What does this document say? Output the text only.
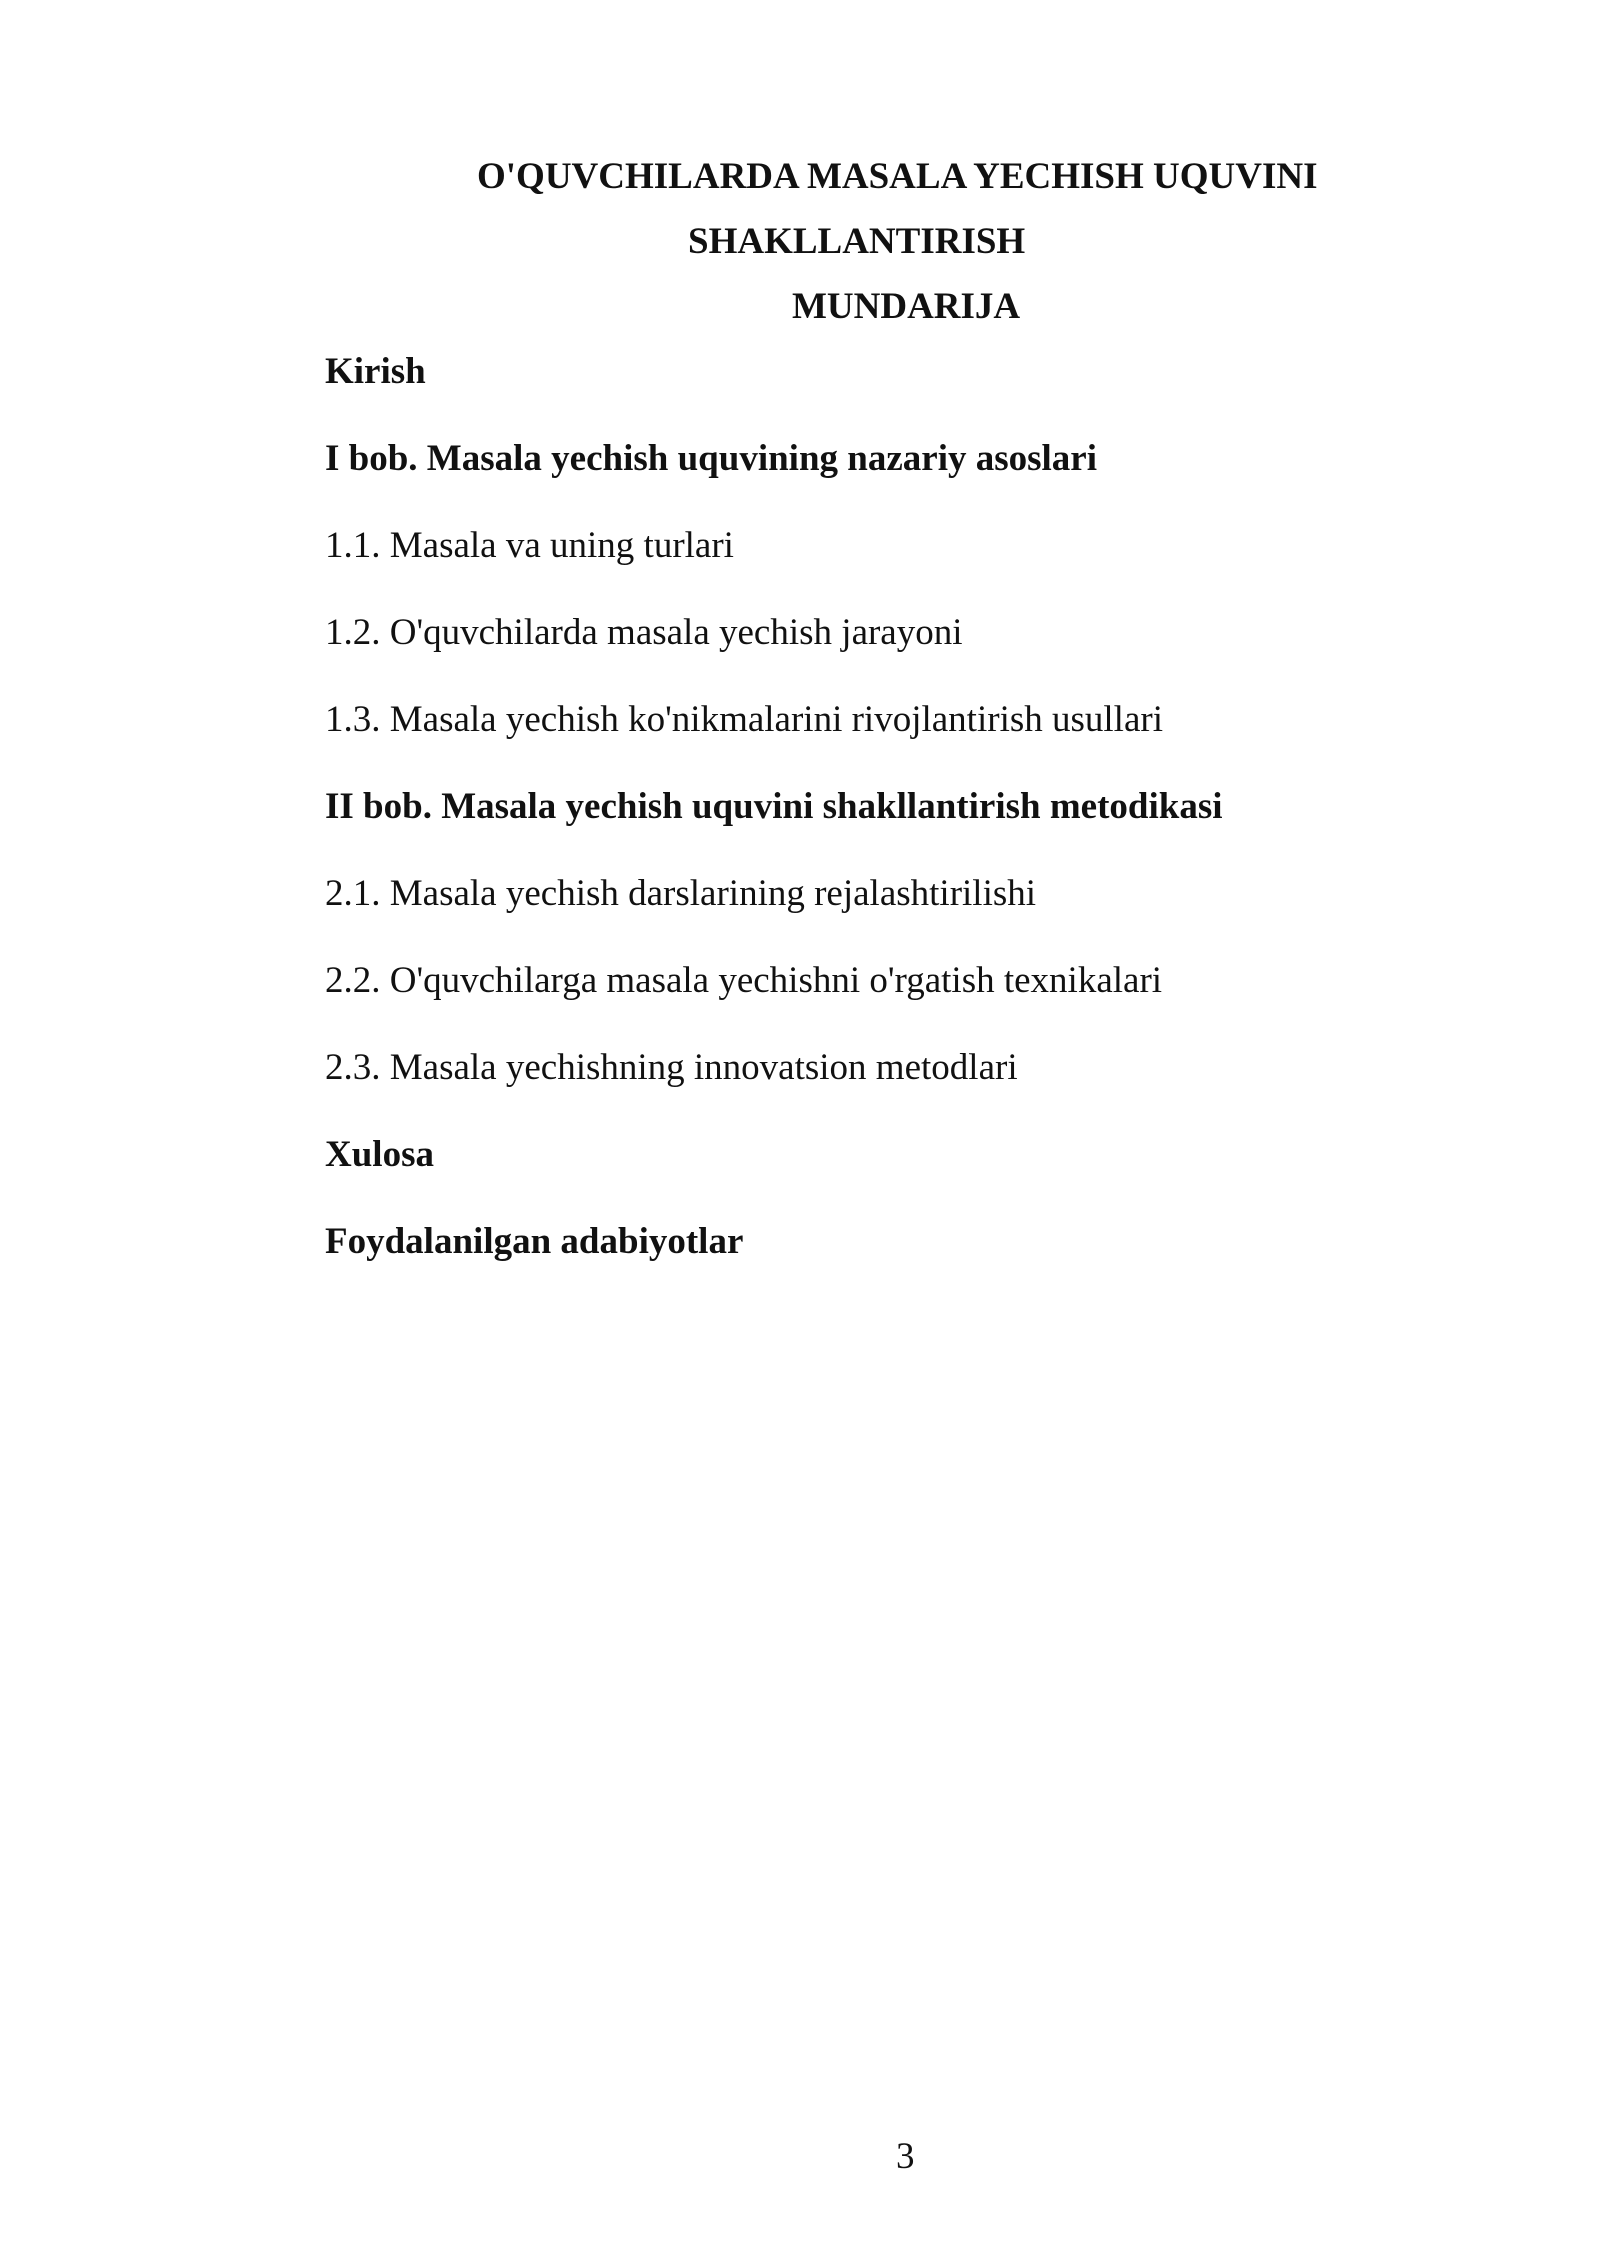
O'QUVCHILARDA MASALA YECHISH UQUVINI
SHAKLLANTIRISH
MUNDARIJA
Kirish
I bob. Masala yechish uquvining nazariy asoslari
1.1. Masala va uning turlari
1.2. O'quvchilarda masala yechish jarayoni
1.3. Masala yechish ko'nikmalarini rivojlantirish usullari
II bob. Masala yechish uquvini shakllantirish metodikasi
2.1. Masala yechish darslarining rejalashtirilishi
2.2. O'quvchilarga masala yechishni o'rgatish texnikalari
2.3. Masala yechishning innovatsion metodlari
Xulosa
Foydalanilgan adabiyotlar
3
